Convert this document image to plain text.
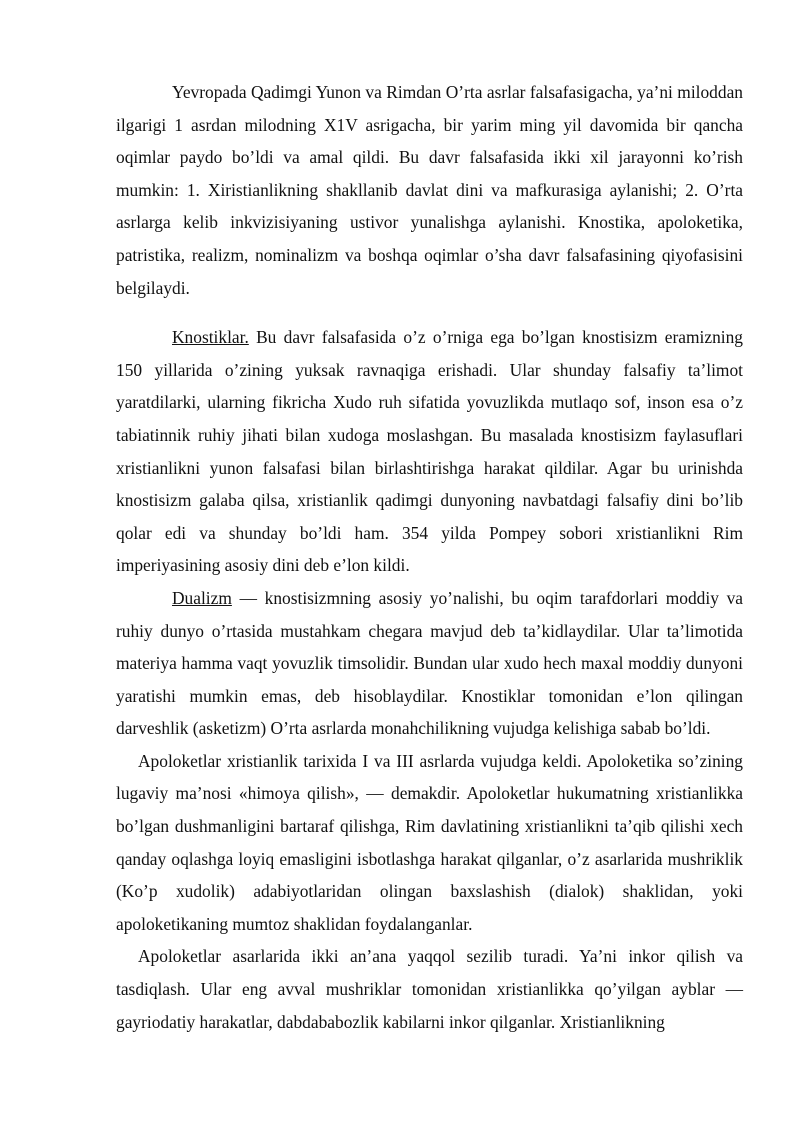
Yevropada Qadimgi Yunon va Rimdan O’rta asrlar falsafasigacha, ya’ni miloddan ilgarigi 1 asrdan milodning X1V asrigacha, bir yarim ming yil davomida bir qancha oqimlar paydo bo’ldi va amal qildi. Bu davr falsafasida ikki xil jarayonni ko’rish mumkin: 1. Xiristianlikning shakllanib davlat dini va mafkurasiga aylanishi; 2. O’rta asrlarga kelib inkvizisiyaning ustivor yunalishga aylanishi. Knostika, apoloketika, patristika, realizm, nominalizm va boshqa oqimlar o’sha davr falsafasining qiyofasisini belgilaydi.

Knostiklar. Bu davr falsafasida o’z o’rniga ega bo’lgan knostisizm eramizning 150 yillarida o’zining yuksak ravnaqiga erishadi. Ular shunday falsafiy ta’limot yaratdilarki, ularning fikricha Xudo ruh sifatida yovuzlikda mutlaqo sof, inson esa o’z tabiatinnik ruhiy jihati bilan xudoga moslashgan. Bu masalada knostisizm faylasuflari xristianlikni yunon falsafasi bilan birlashtirishga harakat qildilar. Agar bu urinishda knostisizm galaba qilsa, xristianlik qadimgi dunyoning navbatdagi falsafiy dini bo’lib qolar edi va shunday bo’ldi ham. 354 yilda Pompey sobori xristianlikni Rim imperiyasining asosiy dini deb e’lon kildi.

Dualizm — knostisizmning asosiy yo’nalishi, bu oqim tarafdorlari moddiy va ruhiy dunyo o’rtasida mustahkam chegara mavjud deb ta’kidlaydilar. Ular ta’limotida materiya hamma vaqt yovuzlik timsolidir. Bundan ular xudo hech maxal moddiy dunyoni yaratishi mumkin emas, deb hisoblaydilar. Knostiklar tomonidan e’lon qilingan darveshlik (asketizm) O’rta asrlarda monahchilikning vujudga kelishiga sabab bo’ldi.

Apoloketlar xristianlik tarixida I va III asrlarda vujudga keldi. Apoloketika so’zining lugaviy ma’nosi «himoya qilish», — demakdir. Apoloketlar hukumatning xristianlikka bo’lgan dushmanligini bartaraf qilishga, Rim davlatining xristianlikni ta’qib qilishi xech qanday oqlashga loyiq emasligini isbotlashga harakat qilganlar, o’z asarlarida mushriklik (Ko’p xudolik) adabiyotlaridan olingan baxslashish (dialok) shaklidan, yoki apoloketikaning mumtoz shaklidan foydalanganlar.

Apoloketlar asarlarida ikki an’ana yaqqol sezilib turadi. Ya’ni inkor qilish va tasdiqlash. Ular eng avval mushriklar tomonidan xristianlikka qo’yilgan ayblar — gayriodatiy harakatlar, dabdababozlik kabilarni inkor qilganlar. Xristianlikning
